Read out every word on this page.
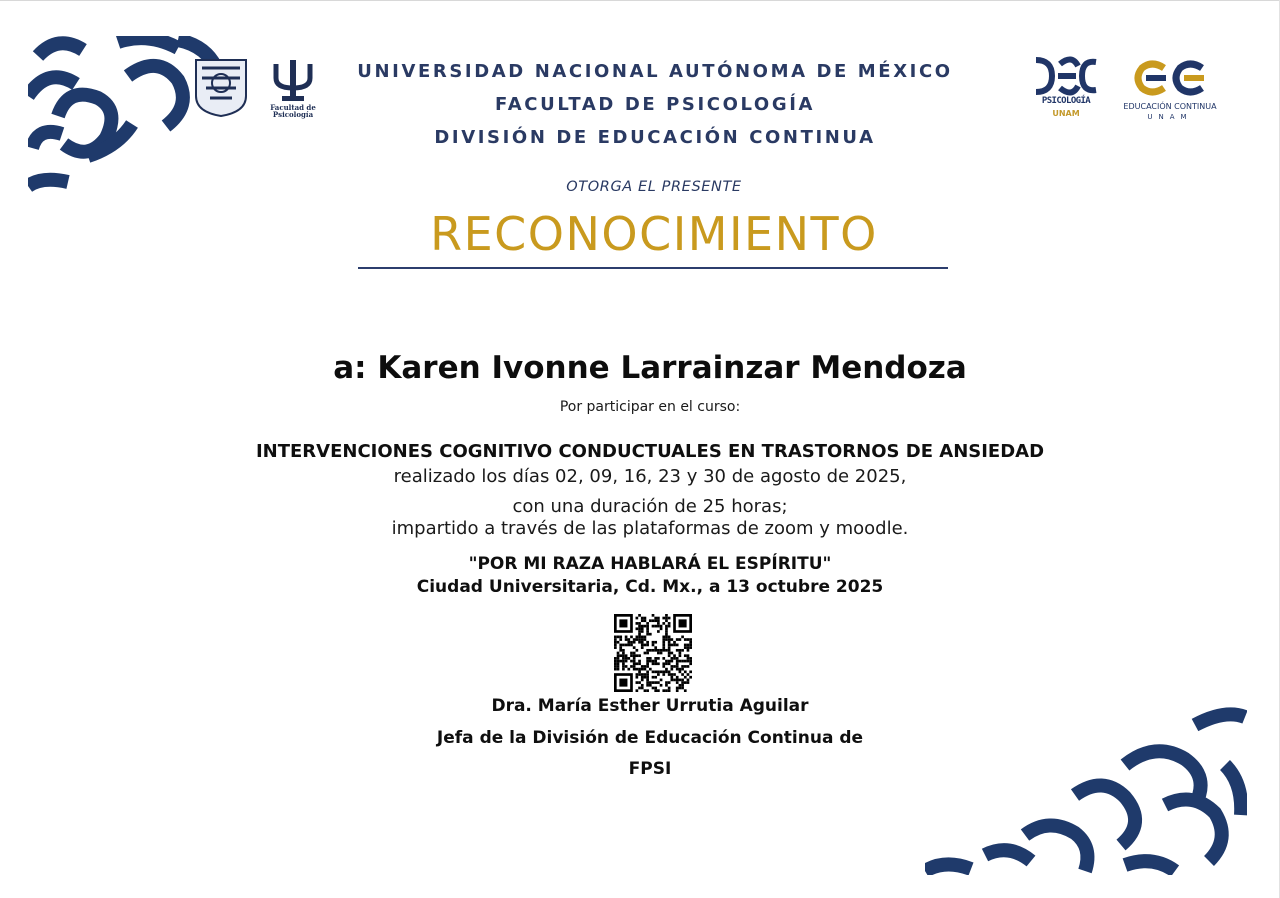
Facultad de Psicología
UNIVERSIDAD NACIONAL AUTÓNOMA DE MÉXICO
FACULTAD DE PSICOLOGÍA
DIVISIÓN DE EDUCACIÓN CONTINUA
PSICOLOGÍA
UNAM
EDUCACIÓN CONTINUA
UNAM
OTORGA EL PRESENTE
RECONOCIMIENTO
a: Karen Ivonne Larrainzar Mendoza
Por participar en el curso:
INTERVENCIONES COGNITIVO CONDUCTUALES EN TRASTORNOS DE ANSIEDAD
realizado los días 02, 09, 16, 23 y 30 de agosto de 2025,
con una duración de 25 horas;
impartido a través de las plataformas de zoom y moodle.
"POR MI RAZA HABLARÁ EL ESPÍRITU"
Ciudad Universitaria, Cd. Mx., a 13 octubre 2025
Dra. María Esther Urrutia Aguilar
Jefa de la División de Educación Continua de
FPSI
